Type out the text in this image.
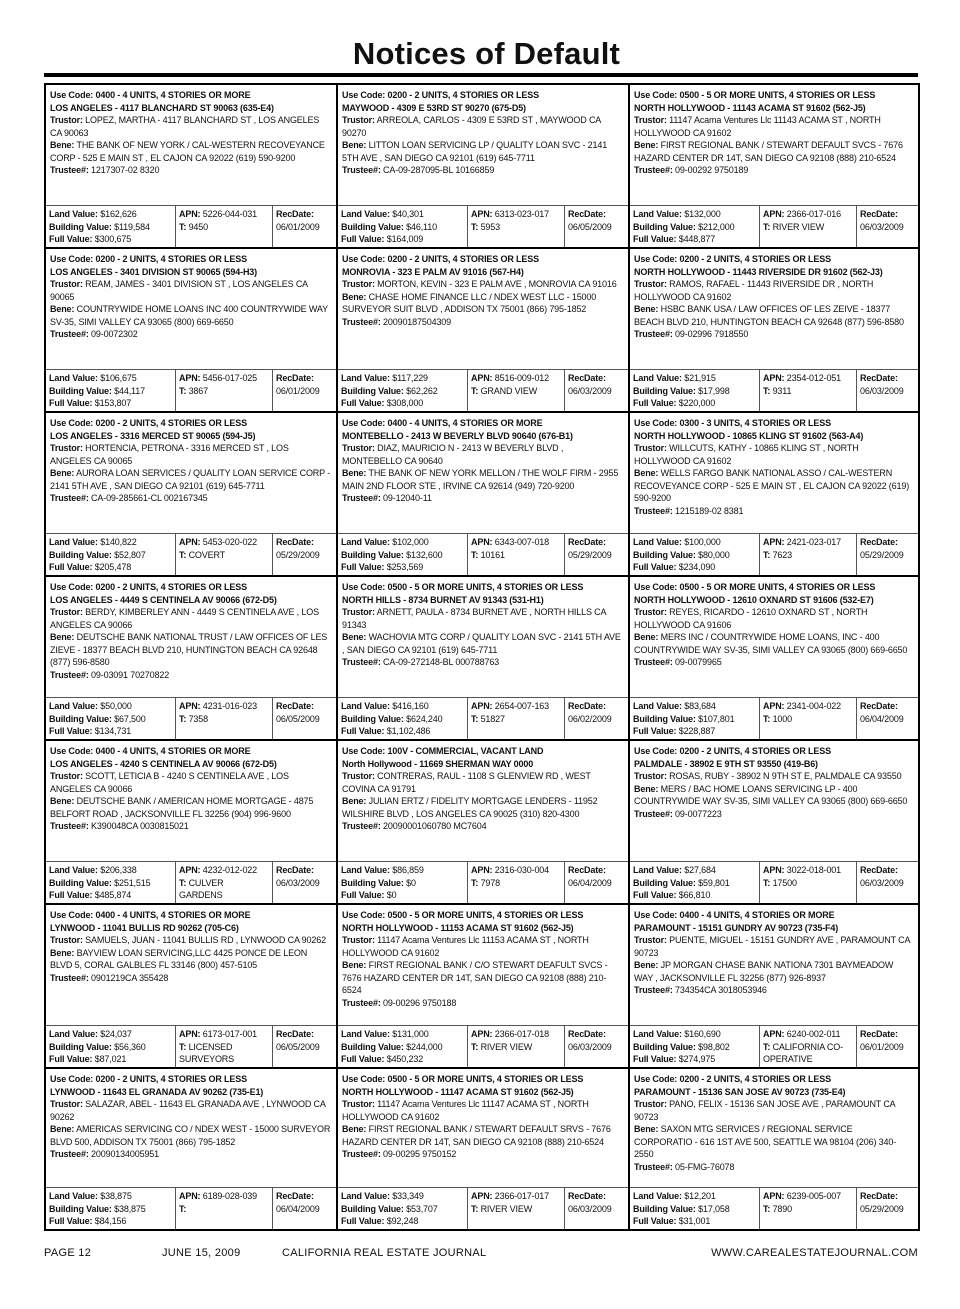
Notices of Default
Use Code: 0400 - 4 UNITS, 4 STORIES OR MORE
LOS ANGELES - 4117 BLANCHARD ST 90063 (635-E4)
Trustor: LOPEZ, MARTHA - 4117 BLANCHARD ST , LOS ANGELES CA 90063
Bene: THE BANK OF NEW YORK / CAL-WESTERN RECOVEYANCE CORP - 525 E MAIN ST , EL CAJON CA 92022 (619) 590-9200
Trustee#: 1217307-02 8320
Land Value: $162,626
Building Value: $119,584
Full Value: $300,675
APN: 5226-044-031
T: 9450
RecDate:
06/01/2009
Use Code: 0200 - 2 UNITS, 4 STORIES OR LESS
MAYWOOD - 4309 E 53RD ST 90270 (675-D5)
Trustor: ARREOLA, CARLOS - 4309 E 53RD ST , MAYWOOD CA 90270
Bene: LITTON LOAN SERVICING LP / QUALITY LOAN SVC - 2141 5TH AVE , SAN DIEGO CA 92101 (619) 645-7711
Trustee#: CA-09-287095-BL 10166859
Land Value: $40,301
Building Value: $46,110
Full Value: $164,009
APN: 6313-023-017
T: 5953
RecDate:
06/05/2009
Use Code: 0500 - 5 OR MORE UNITS, 4 STORIES OR LESS
NORTH HOLLYWOOD - 11143 ACAMA ST 91602 (562-J5)
Trustor: 11147 Acama Ventures Llc 11143 ACAMA ST , NORTH HOLLYWOOD CA 91602
Bene: FIRST REGIONAL BANK / STEWART DEFAULT SVCS - 7676 HAZARD CENTER DR 14T, SAN DIEGO CA 92108 (888) 210-6524
Trustee#: 09-00292 9750189
Land Value: $132,000
Building Value: $212,000
Full Value: $448,877
APN: 2366-017-016
T: RIVER VIEW
RecDate:
06/03/2009
Use Code: 0200 - 2 UNITS, 4 STORIES OR LESS
LOS ANGELES - 3401 DIVISION ST 90065 (594-H3)
Trustor: REAM, JAMES - 3401 DIVISION ST , LOS ANGELES CA 90065
Bene: COUNTRYWIDE HOME LOANS INC 400 COUNTRYWIDE WAY SV-35, SIMI VALLEY CA 93065 (800) 669-6650
Trustee#: 09-0072302
Land Value: $106,675
Building Value: $44,117
Full Value: $153,807
APN: 5456-017-025
T: 3867
RecDate:
06/01/2009
Use Code: 0200 - 2 UNITS, 4 STORIES OR LESS
MONROVIA - 323 E PALM AV 91016 (567-H4)
Trustor: MORTON, KEVIN - 323 E PALM AVE , MONROVIA CA 91016
Bene: CHASE HOME FINANCE LLC / NDEX WEST LLC - 15000 SURVEYOR SUIT BLVD , ADDISON TX 75001 (866) 795-1852
Trustee#: 20090187504309
Land Value: $117,229
Building Value: $62,262
Full Value: $308,000
APN: 8516-009-012
T: GRAND VIEW
RecDate:
06/03/2009
Use Code: 0200 - 2 UNITS, 4 STORIES OR LESS
NORTH HOLLYWOOD - 11443 RIVERSIDE DR 91602 (562-J3)
Trustor: RAMOS, RAFAEL - 11443 RIVERSIDE DR , NORTH HOLLYWOOD CA 91602
Bene: HSBC BANK USA / LAW OFFICES OF LES ZEIVE - 18377 BEACH BLVD 210, HUNTINGTON BEACH CA 92648 (877) 596-8580
Trustee#: 09-02996 7918550
Land Value: $21,915
Building Value: $17,998
Full Value: $220,000
APN: 2354-012-051
T: 9311
RecDate:
06/03/2009
Use Code: 0200 - 2 UNITS, 4 STORIES OR LESS
LOS ANGELES - 3316 MERCED ST 90065 (594-J5)
Trustor: HORTENCIA, PETRONA - 3316 MERCED ST , LOS ANGELES CA 90065
Bene: AURORA LOAN SERVICES / QUALITY LOAN SERVICE CORP - 2141 5TH AVE , SAN DIEGO CA 92101 (619) 645-7711
Trustee#: CA-09-285661-CL 002167345
Land Value: $140,822
Building Value: $52,807
Full Value: $205,478
APN: 5453-020-022
T: COVERT
RecDate:
05/29/2009
Use Code: 0400 - 4 UNITS, 4 STORIES OR MORE
MONTEBELLO - 2413 W BEVERLY BLVD 90640 (676-B1)
Trustor: DIAZ, MAURICIO N - 2413 W BEVERLY BLVD , MONTEBELLO CA 90640
Bene: THE BANK OF NEW YORK MELLON / THE WOLF FIRM - 2955 MAIN 2ND FLOOR STE , IRVINE CA 92614 (949) 720-9200
Trustee#: 09-12040-11
Land Value: $102,000
Building Value: $132,600
Full Value: $253,569
APN: 6343-007-018
T: 10161
RecDate:
05/29/2009
Use Code: 0300 - 3 UNITS, 4 STORIES OR LESS
NORTH HOLLYWOOD - 10865 KLING ST 91602 (563-A4)
Trustor: WILLCUTS, KATHY - 10865 KLING ST , NORTH HOLLYWOOD CA 91602
Bene: WELLS FARGO BANK NATIONAL ASSO / CAL-WESTERN RECOVEYANCE CORP - 525 E MAIN ST , EL CAJON CA 92022 (619) 590-9200
Trustee#: 1215189-02 8381
Land Value: $100,000
Building Value: $80,000
Full Value: $234,090
APN: 2421-023-017
T: 7623
RecDate:
05/29/2009
Use Code: 0200 - 2 UNITS, 4 STORIES OR LESS
LOS ANGELES - 4449 S CENTINELA AV 90066 (672-D5)
Trustor: BERDY, KIMBERLEY ANN - 4449 S CENTINELA AVE , LOS ANGELES CA 90066
Bene: DEUTSCHE BANK NATIONAL TRUST / LAW OFFICES OF LES ZIEVE - 18377 BEACH BLVD 210, HUNTINGTON BEACH CA 92648 (877) 596-8580
Trustee#: 09-03091 70270822
Land Value: $50,000
Building Value: $67,500
Full Value: $134,731
APN: 4231-016-023
T: 7358
RecDate:
06/05/2009
Use Code: 0500 - 5 OR MORE UNITS, 4 STORIES OR LESS
NORTH HILLS - 8734 BURNET AV 91343 (531-H1)
Trustor: ARNETT, PAULA - 8734 BURNET AVE , NORTH HILLS CA 91343
Bene: WACHOVIA MTG CORP / QUALITY LOAN SVC - 2141 5TH AVE , SAN DIEGO CA 92101 (619) 645-7711
Trustee#: CA-09-272148-BL 000788763
Land Value: $416,160
Building Value: $624,240
Full Value: $1,102,486
APN: 2654-007-163
T: 51827
RecDate:
06/02/2009
Use Code: 0500 - 5 OR MORE UNITS, 4 STORIES OR LESS
NORTH HOLLYWOOD - 12610 OXNARD ST 91606 (532-E7)
Trustor: REYES, RICARDO - 12610 OXNARD ST , NORTH HOLLYWOOD CA 91606
Bene: MERS INC / COUNTRYWIDE HOME LOANS, INC - 400 COUNTRYWIDE WAY SV-35, SIMI VALLEY CA 93065 (800) 669-6650
Trustee#: 09-0079965
Land Value: $83,684
Building Value: $107,801
Full Value: $228,887
APN: 2341-004-022
T: 1000
RecDate:
06/04/2009
Use Code: 0400 - 4 UNITS, 4 STORIES OR MORE
LOS ANGELES - 4240 S CENTINELA AV 90066 (672-D5)
Trustor: SCOTT, LETICIA B - 4240 S CENTINELA AVE , LOS ANGELES CA 90066
Bene: DEUTSCHE BANK / AMERICAN HOME MORTGAGE - 4875 BELFORT ROAD , JACKSONVILLE FL 32256 (904) 996-9600
Trustee#: K390048CA 0030815021
Land Value: $206,338
Building Value: $251,515
Full Value: $485,874
APN: 4232-012-022
T: CULVER GARDENS
RecDate:
06/03/2009
Use Code: 100V - COMMERCIAL, VACANT LAND
North Hollywood - 11669 SHERMAN WAY 0000
Trustor: CONTRERAS, RAUL - 1108 S GLENVIEW RD , WEST COVINA CA 91791
Bene: JULIAN ERTZ / FIDELITY MORTGAGE LENDERS - 11952 WILSHIRE BLVD , LOS ANGELES CA 90025 (310) 820-4300
Trustee#: 20090001060780 MC7604
Land Value: $86,859
Building Value: $0
Full Value: $0
APN: 2316-030-004
T: 7978
RecDate:
06/04/2009
Use Code: 0200 - 2 UNITS, 4 STORIES OR LESS
PALMDALE - 38902 E 9TH ST 93550 (419-B6)
Trustor: ROSAS, RUBY - 38902 N 9TH ST E, PALMDALE CA 93550
Bene: MERS / BAC HOME LOANS SERVICING LP - 400 COUNTRYWIDE WAY SV-35, SIMI VALLEY CA 93065 (800) 669-6650
Trustee#: 09-0077223
Land Value: $27,684
Building Value: $59,801
Full Value: $66,810
APN: 3022-018-001
T: 17500
RecDate:
06/03/2009
Use Code: 0400 - 4 UNITS, 4 STORIES OR MORE
LYNWOOD - 11041 BULLIS RD 90262 (705-C6)
Trustor: SAMUELS, JUAN - 11041 BULLIS RD , LYNWOOD CA 90262
Bene: BAYVIEW LOAN SERVICING,LLC 4425 PONCE DE LEON BLVD 5, CORAL GALBLES FL 33146 (800) 457-5105
Trustee#: 0901219CA 355428
Land Value: $24,037
Building Value: $56,360
Full Value: $87,021
APN: 6173-017-001
T: LICENSED SURVEYORS
RecDate:
06/05/2009
Use Code: 0500 - 5 OR MORE UNITS, 4 STORIES OR LESS
NORTH HOLLYWOOD - 11153 ACAMA ST 91602 (562-J5)
Trustor: 11147 Acama Ventures Llc 11153 ACAMA ST , NORTH HOLLYWOOD CA 91602
Bene: FIRST REGIONAL BANK / C/O STEWART DEAFULT SVCS - 7676 HAZARD CENTER DR 14T, SAN DIEGO CA 92108 (888) 210-6524
Trustee#: 09-00296 9750188
Land Value: $131,000
Building Value: $244,000
Full Value: $450,232
APN: 2366-017-018
T: RIVER VIEW
RecDate:
06/03/2009
Use Code: 0400 - 4 UNITS, 4 STORIES OR MORE
PARAMOUNT - 15151 GUNDRY AV 90723 (735-F4)
Trustor: PUENTE, MIGUEL - 15151 GUNDRY AVE , PARAMOUNT CA 90723
Bene: JP MORGAN CHASE BANK NATIONA 7301 BAYMEADOW WAY , JACKSONVILLE FL 32256 (877) 926-8937
Trustee#: 734354CA 3018053946
Land Value: $160,690
Building Value: $98,802
Full Value: $274,975
APN: 6240-002-011
T: CALIFORNIA CO-OPERATIVE
RecDate:
06/01/2009
Use Code: 0200 - 2 UNITS, 4 STORIES OR LESS
LYNWOOD - 11643 EL GRANADA AV 90262 (735-E1)
Trustor: SALAZAR, ABEL - 11643 EL GRANADA AVE , LYNWOOD CA 90262
Bene: AMERICAS SERVICING CO / NDEX WEST - 15000 SURVEYOR BLVD 500, ADDISON TX 75001 (866) 795-1852
Trustee#: 20090134005951
Land Value: $38,875
Building Value: $38,875
Full Value: $84,156
APN: 6189-028-039
T:
RecDate:
06/04/2009
Use Code: 0500 - 5 OR MORE UNITS, 4 STORIES OR LESS
NORTH HOLLYWOOD - 11147 ACAMA ST 91602 (562-J5)
Trustor: 11147 Acama Ventures Llc 11147 ACAMA ST , NORTH HOLLYWOOD CA 91602
Bene: FIRST REGIONAL BANK / STEWART DEFAULT SRVS - 7676 HAZARD CENTER DR 14T, SAN DIEGO CA 92108 (888) 210-6524
Trustee#: 09-00295 9750152
Land Value: $33,349
Building Value: $53,707
Full Value: $92,248
APN: 2366-017-017
T: RIVER VIEW
RecDate:
06/03/2009
Use Code: 0200 - 2 UNITS, 4 STORIES OR LESS
PARAMOUNT - 15136 SAN JOSE AV 90723 (735-E4)
Trustor: PANO, FELIX - 15136 SAN JOSE AVE , PARAMOUNT CA 90723
Bene: SAXON MTG SERVICES / REGIONAL SERVICE CORPORATIO - 616 1ST AVE 500, SEATTLE WA 98104 (206) 340-2550
Trustee#: 05-FMG-76078
Land Value: $12,201
Building Value: $17,058
Full Value: $31,001
APN: 6239-005-007
T: 7890
RecDate:
05/29/2009
PAGE 12	JUNE 15, 2009	CALIFORNIA REAL ESTATE JOURNAL	WWW.CAREALESTATEJOURNAL.COM
